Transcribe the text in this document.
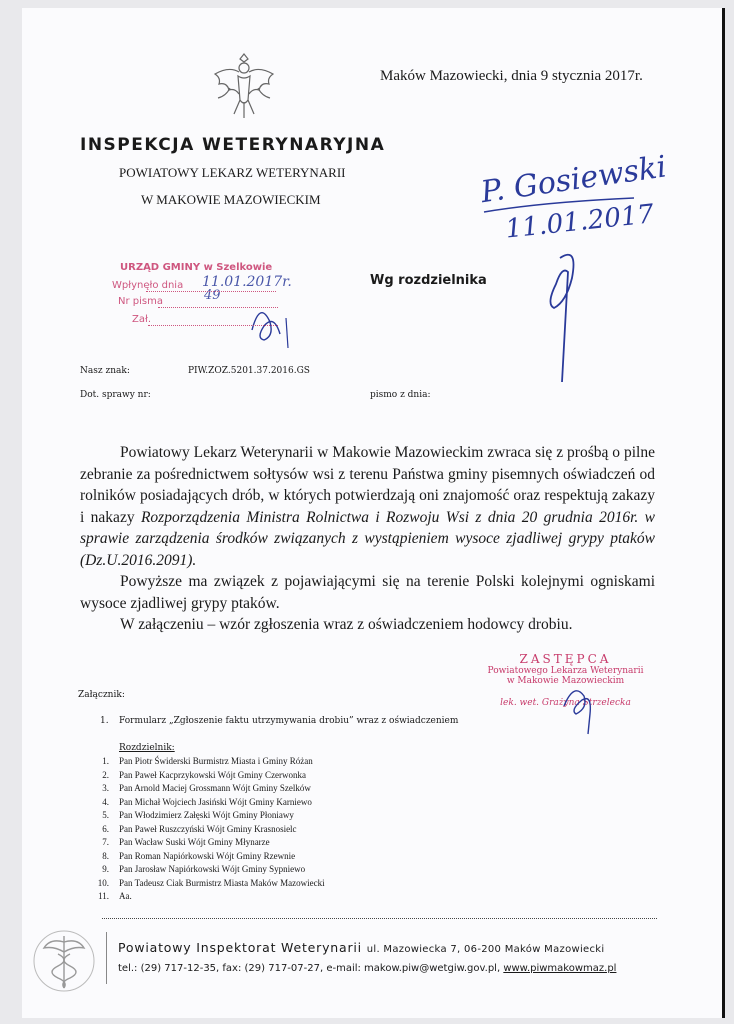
Maków Mazowiecki, dnia 9 stycznia 2017r.
INSPEKCJA WETERYNARYJNA
POWIATOWY LEKARZ WETERYNARII
W MAKOWIE MAZOWIECKIM	P. Gosiewski
11.01.2017
URZĄD GMINY w Szelkowie
Wpłynęło dnia 11.01.2017r.
Nr pisma	49
Zał.
Wg rozdzielnika
Nasz znak:	PIW.ZOZ.5201.37.2016.GS
Dot. sprawy nr:	pismo z dnia:

Powiatowy Lekarz Weterynarii w Makowie Mazowieckim zwraca się z prośbą o pilne zebranie za pośrednictwem sołtysów wsi z terenu Państwa gminy pisemnych oświadczeń od rolników posiadających drób, w których potwierdzają oni znajomość oraz respektują zakazy i nakazy Rozporządzenia Ministra Rolnictwa i Rozwoju Wsi z dnia 20 grudnia 2016r. w sprawie zarządzenia środków związanych z wystąpieniem wysoce zjadliwej grypy ptaków (Dz.U.2016.2091).

Powyższe ma związek z pojawiającymi się na terenie Polski kolejnymi ogniskami wysoce zjadliwej grypy ptaków.

W załączeniu – wzór zgłoszenia wraz z oświadczeniem hodowcy drobiu.

ZASTĘPCA
Powiatowego Lekarza Weterynarii
w Makowie Mazowieckim
lek. wet. Grażyna Strzelecka
Załącznik:
1. Formularz „Zgłoszenie faktu utrzymywania drobiu” wraz z oświadczeniem
Rozdzielnik:
1. Pan Piotr Świderski Burmistrz Miasta i Gminy Różan
2. Pan Paweł Kacprzykowski Wójt Gminy Czerwonka
3. Pan Arnold Maciej Grossmann Wójt Gminy Szelków
4. Pan Michał Wojciech Jasiński Wójt Gminy Karniewo
5. Pan Włodzimierz Załęski Wójt Gminy Płoniawy
6. Pan Paweł Ruszczyński Wójt Gminy Krasnosielc
7. Pan Wacław Suski Wójt Gminy Młynarze
8. Pan Roman Napiórkowski Wójt Gminy Rzewnie
9. Pan Jarosław Napiórkowski Wójt Gminy Sypniewo
10. Pan Tadeusz Ciak Burmistrz Miasta Maków Mazowiecki
11. Aa.
Powiatowy Inspektorat Weterynarii ul. Mazowiecka 7, 06-200 Maków Mazowiecki
tel.: (29) 717-12-35, fax: (29) 717-07-27, e-mail: makow.piw@wetgiw.gov.pl, www.piwmakowmaz.pl
